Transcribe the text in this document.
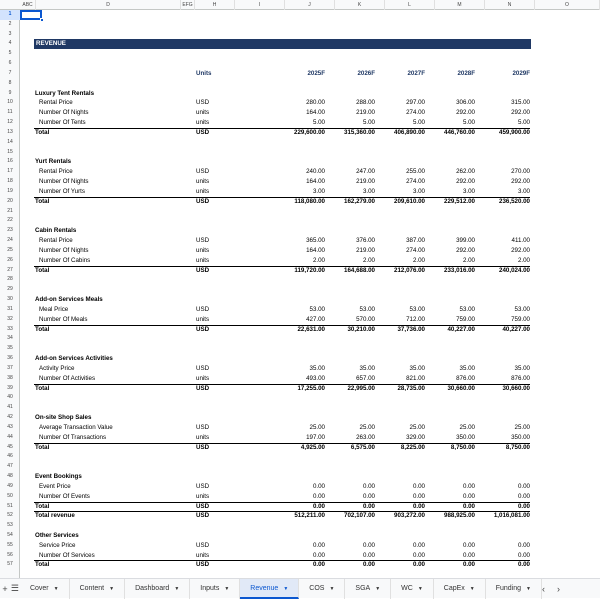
ABC	D	EFG	H	I	J	K	L	M	N	O
1
2
3
4
5
6
7
8
9
10
11
12
13
14
15
16
17
18
19
20
21
22
23
24
25
26
27
28
29
30
31
32
33
34
35
36
37
38
39
40
41
42
43
44
45
46
47
48
49
50
51
52
53
54
55
56
57
REVENUE
Units	2025F	2026F	2027F	2028F	2029F
Luxury Tent Rentals
Rental Price	USD	280.00	288.00	297.00	306.00	315.00
Number Of Nights	units	164.00	219.00	274.00	292.00	292.00
Number Of Tents	units	5.00	5.00	5.00	5.00	5.00
Total	USD	229,600.00	315,360.00	406,890.00	446,760.00	459,900.00
Yurt Rentals
Rental Price	USD	240.00	247.00	255.00	262.00	270.00
Number Of Nights	units	164.00	219.00	274.00	292.00	292.00
Number Of Yurts	units	3.00	3.00	3.00	3.00	3.00
Total	USD	118,080.00	162,279.00	209,610.00	229,512.00	236,520.00
Cabin Rentals
Rental Price	USD	365.00	376.00	387.00	399.00	411.00
Number Of Nights	units	164.00	219.00	274.00	292.00	292.00
Number Of Cabins	units	2.00	2.00	2.00	2.00	2.00
Total	USD	119,720.00	164,688.00	212,076.00	233,016.00	240,024.00
Add-on Services Meals
Meal Price	USD	53.00	53.00	53.00	53.00	53.00
Number Of Meals	units	427.00	570.00	712.00	759.00	759.00
Total	USD	22,631.00	30,210.00	37,736.00	40,227.00	40,227.00
Add-on Services Activities
Activity Price	USD	35.00	35.00	35.00	35.00	35.00
Number Of Activities	units	493.00	657.00	821.00	876.00	876.00
Total	USD	17,255.00	22,995.00	28,735.00	30,660.00	30,660.00
On-site Shop Sales
Average Transaction Value	USD	25.00	25.00	25.00	25.00	25.00
Number Of Transactions	units	197.00	263.00	329.00	350.00	350.00
Total	USD	4,925.00	6,575.00	8,225.00	8,750.00	8,750.00
Event Bookings
Event Price	USD	0.00	0.00	0.00	0.00	0.00
Number Of Events	units	0.00	0.00	0.00	0.00	0.00
Total	USD	0.00	0.00	0.00	0.00	0.00
Other Services
Service Price	USD	0.00	0.00	0.00	0.00	0.00
Number Of Services	units	0.00	0.00	0.00	0.00	0.00
Total	USD	0.00	0.00	0.00	0.00	0.00
Total revenue	USD	512,211.00	702,107.00	903,272.00	988,925.00	1,016,081.00
+ ☰	Cover ▼	Content ▼	Dashboard ▼	Inputs ▼	Revenue ▼	COS ▼	SGA ▼	WC ▼	CapEx ▼	Funding ▼	‹ ›
